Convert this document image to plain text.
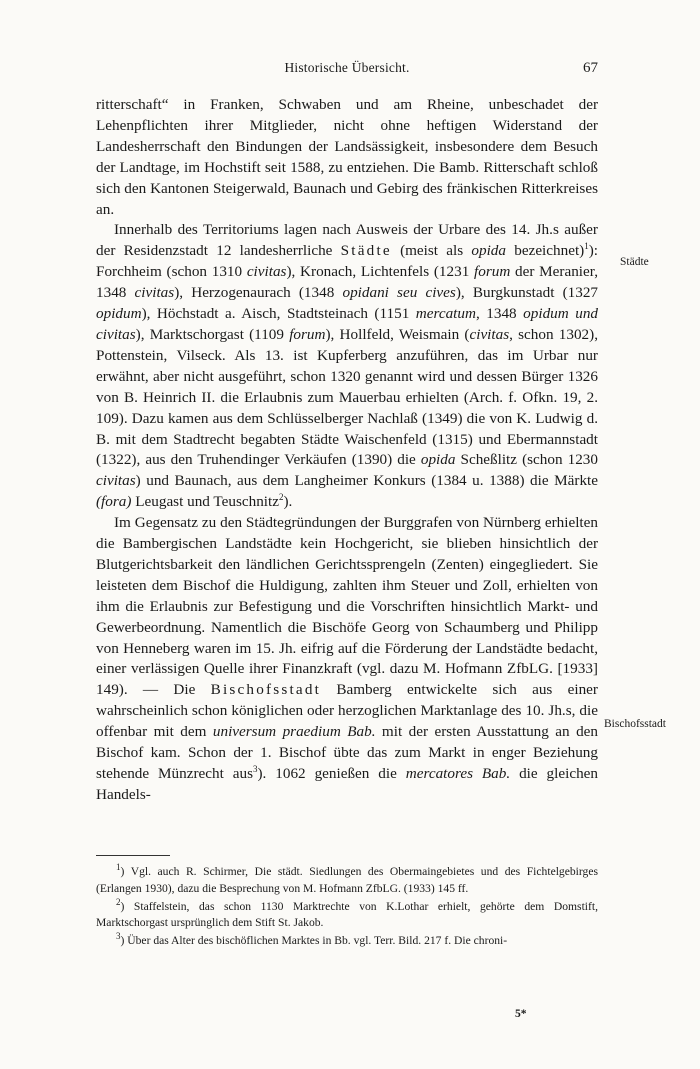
Historische Übersicht.	67
Städte
Bischofsstadt

ritterschaft“ in Franken, Schwaben und am Rheine, unbeschadet der Lehenpflichten ihrer Mitglieder, nicht ohne heftigen Widerstand der Landesherrschaft den Bindungen der Landsässigkeit, insbesondere dem Besuch der Landtage, im Hochstift seit 1588, zu entziehen. Die Bamb. Ritterschaft schloß sich den Kantonen Steigerwald, Baunach und Gebirg des fränkischen Ritterkreises an.

Innerhalb des Territoriums lagen nach Ausweis der Urbare des 14. Jh.s außer der Residenzstadt 12 landesherrliche Städte (meist als opida bezeichnet)$^1$): Forchheim (schon 1310 civitas), Kronach, Lichtenfels (1231 forum der Meranier, 1348 civitas), Herzogenaurach (1348 opidani seu cives), Burgkunstadt (1327 opidum), Höchstadt a. Aisch, Stadtsteinach (1151 mercatum, 1348 opidum und civitas), Marktschorgast (1109 forum), Hollfeld, Weismain (civitas, schon 1302), Pottenstein, Vilseck. Als 13. ist Kupferberg anzuführen, das im Urbar nur erwähnt, aber nicht ausgeführt, schon 1320 genannt wird und dessen Bürger 1326 von B. Heinrich II. die Erlaubnis zum Mauerbau erhielten (Arch. f. Ofkn. 19, 2. 109). Dazu kamen aus dem Schlüsselberger Nachlaß (1349) die von K. Ludwig d. B. mit dem Stadtrecht begabten Städte Waischenfeld (1315) und Ebermannstadt (1322), aus den Truhendinger Verkäufen (1390) die opida Scheßlitz (schon 1230 civitas) und Baunach, aus dem Langheimer Konkurs (1384 u. 1388) die Märkte (fora) Leugast und Teuschnitz$^2$).

Im Gegensatz zu den Städtegründungen der Burggrafen von Nürnberg erhielten die Bambergischen Landstädte kein Hochgericht, sie blieben hinsichtlich der Blutgerichtsbarkeit den ländlichen Gerichtssprengeln (Zenten) eingegliedert. Sie leisteten dem Bischof die Huldigung, zahlten ihm Steuer und Zoll, erhielten von ihm die Erlaubnis zur Befestigung und die Vorschriften hinsichtlich Markt- und Gewerbeordnung. Namentlich die Bischöfe Georg von Schaumberg und Philipp von Henneberg waren im 15. Jh. eifrig auf die Förderung der Landstädte bedacht, einer verlässigen Quelle ihrer Finanzkraft (vgl. dazu M. Hofmann ZfbLG. [1933] 149). — Die Bischofsstadt Bamberg entwickelte sich aus einer wahrscheinlich schon königlichen oder herzoglichen Marktanlage des 10. Jh.s, die offenbar mit dem universum praedium Bab. mit der ersten Ausstattung an den Bischof kam. Schon der 1. Bischof übte das zum Markt in enger Beziehung stehende Münzrecht aus$^3$). 1062 genießen die mercatores Bab. die gleichen Handels-

$^1$) Vgl. auch R. Schirmer, Die städt. Siedlungen des Obermaingebietes und des Fichtelgebirges (Erlangen 1930), dazu die Besprechung von M. Hofmann ZfbLG. (1933) 145 ff.

$^2$) Staffelstein, das schon 1130 Marktrechte von K.Lothar erhielt, gehörte dem Domstift, Marktschorgast ursprünglich dem Stift St. Jakob.

$^3$) Über das Alter des bischöflichen Marktes in Bb. vgl. Terr. Bild. 217 f. Die chroni-

5*
